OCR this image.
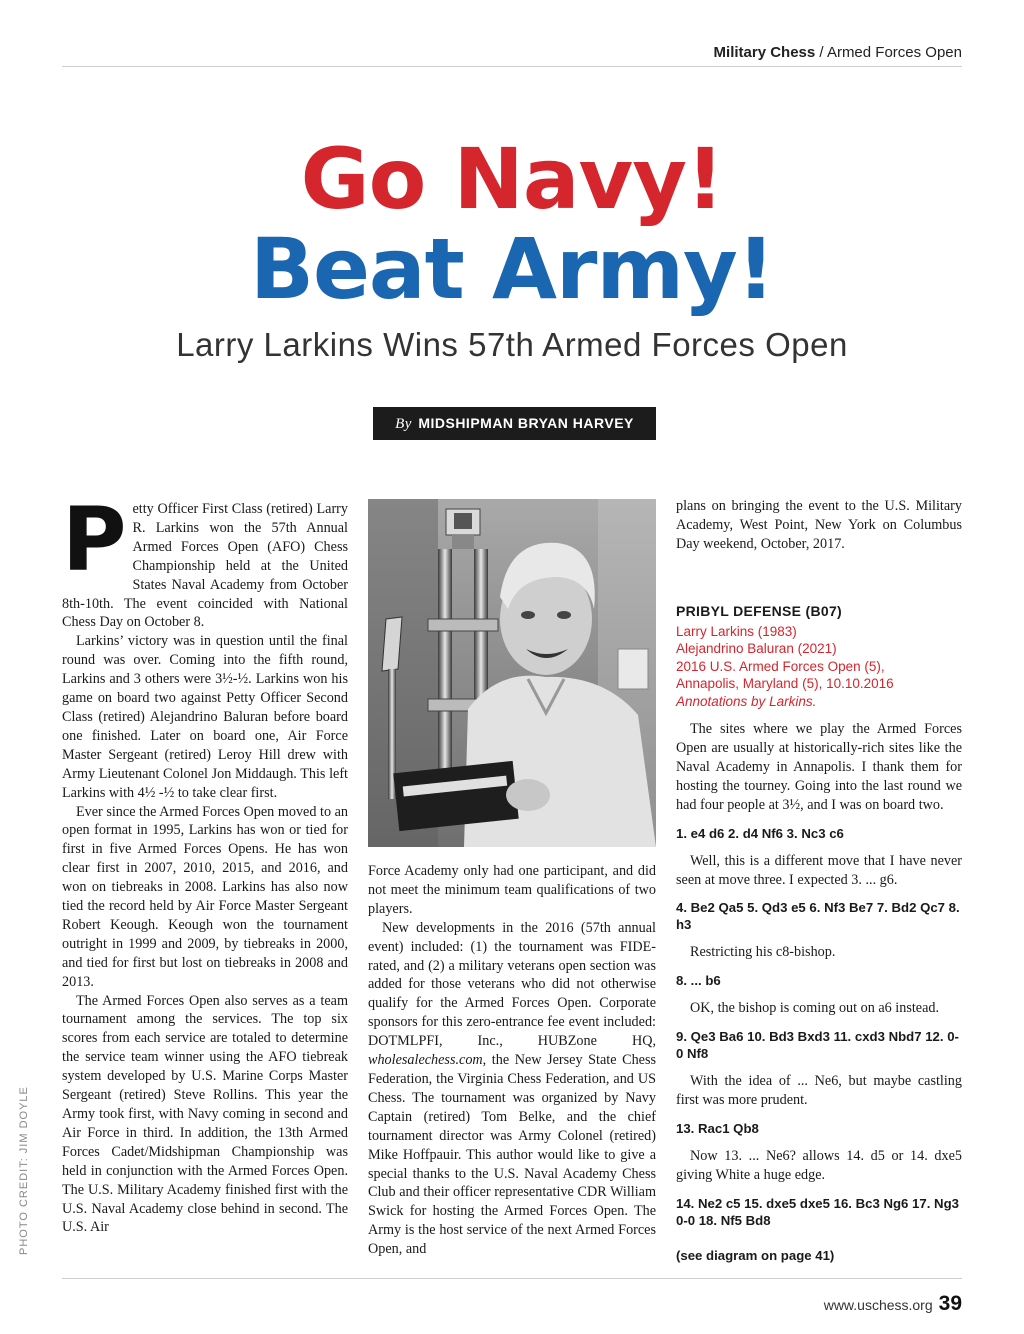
Military Chess / Armed Forces Open
Go Navy!
Beat Army!
Larry Larkins Wins 57th Armed Forces Open
By MIDSHIPMAN BRYAN HARVEY
P etty Officer First Class (retired) Larry R. Larkins won the 57th Annual Armed Forces Open (AFO) Chess Championship held at the United States Naval Academy from October 8th-10th. The event coincided with National Chess Day on October 8.

Larkins’ victory was in question until the final round was over. Coming into the fifth round, Larkins and 3 others were 3½-½. Larkins won his game on board two against Petty Officer Second Class (retired) Alejandrino Baluran before board one finished. Later on board one, Air Force Master Sergeant (retired) Leroy Hill drew with Army Lieutenant Colonel Jon Middaugh. This left Larkins with 4½ -½ to take clear first.

Ever since the Armed Forces Open moved to an open format in 1995, Larkins has won or tied for first in five Armed Forces Opens. He has won clear first in 2007, 2010, 2015, and 2016, and won on tiebreaks in 2008. Larkins has also now tied the record held by Air Force Master Sergeant Robert Keough. Keough won the tournament outright in 1999 and 2009, by tiebreaks in 2000, and tied for first but lost on tiebreaks in 2008 and 2013.

The Armed Forces Open also serves as a team tournament among the services. The top six scores from each service are totaled to determine the service team winner using the AFO tiebreak system developed by U.S. Marine Corps Master Sergeant (retired) Steve Rollins. This year the Army took first, with Navy coming in second and Air Force in third. In addition, the 13th Armed Forces Cadet/Midshipman Championship was held in conjunction with the Armed Forces Open. The U.S. Military Academy finished first with the U.S. Naval Academy close behind in second. The U.S. Air

PHOTO CREDIT: JIM DOYLE

Force Academy only had one participant, and did not meet the minimum team qualifications of two players.

New developments in the 2016 (57th annual event) included: (1) the tournament was FIDE-rated, and (2) a military veterans open section was added for those veterans who did not otherwise qualify for the Armed Forces Open. Corporate sponsors for this zero-entrance fee event included: DOTMLPFI, Inc., HUBZone HQ, wholesalechess.com, the New Jersey State Chess Federation, the Virginia Chess Federation, and US Chess. The tournament was organized by Navy Captain (retired) Tom Belke, and the chief tournament director was Army Colonel (retired) Mike Hoffpauir. This author would like to give a special thanks to the U.S. Naval Academy Chess Club and their officer representative CDR William Swick for hosting the Armed Forces Open. The Army is the host service of the next Armed Forces Open, and

plans on bringing the event to the U.S. Military Academy, West Point, New York on Columbus Day weekend, October, 2017.

PRIBYL DEFENSE (B07)
Larry Larkins (1983)
Alejandrino Baluran (2021)
2016 U.S. Armed Forces Open (5),
Annapolis, Maryland (5), 10.10.2016
Annotations by Larkins.

The sites where we play the Armed Forces Open are usually at historically-rich sites like the Naval Academy in Annapolis. I thank them for hosting the tourney. Going into the last round we had four people at 3½, and I was on board two.

1. e4 d6 2. d4 Nf6 3. Nc3 c6

Well, this is a different move that I have never seen at move three. I expected 3. ... g6.

4. Be2 Qa5 5. Qd3 e5 6. Nf3 Be7 7. Bd2 Qc7 8. h3

Restricting his c8-bishop.

8. ... b6

OK, the bishop is coming out on a6 instead.

9. Qe3 Ba6 10. Bd3 Bxd3 11. cxd3 Nbd7 12. 0-0 Nf8

With the idea of ... Ne6, but maybe castling first was more prudent.

13. Rac1 Qb8

Now 13. ... Ne6? allows 14. d5 or 14. dxe5 giving White a huge edge.

14. Ne2 c5 15. dxe5 dxe5 16. Bc3 Ng6 17. Ng3 0-0 18. Nf5 Bd8
(see diagram on page 41)
www.uschess.org 39
